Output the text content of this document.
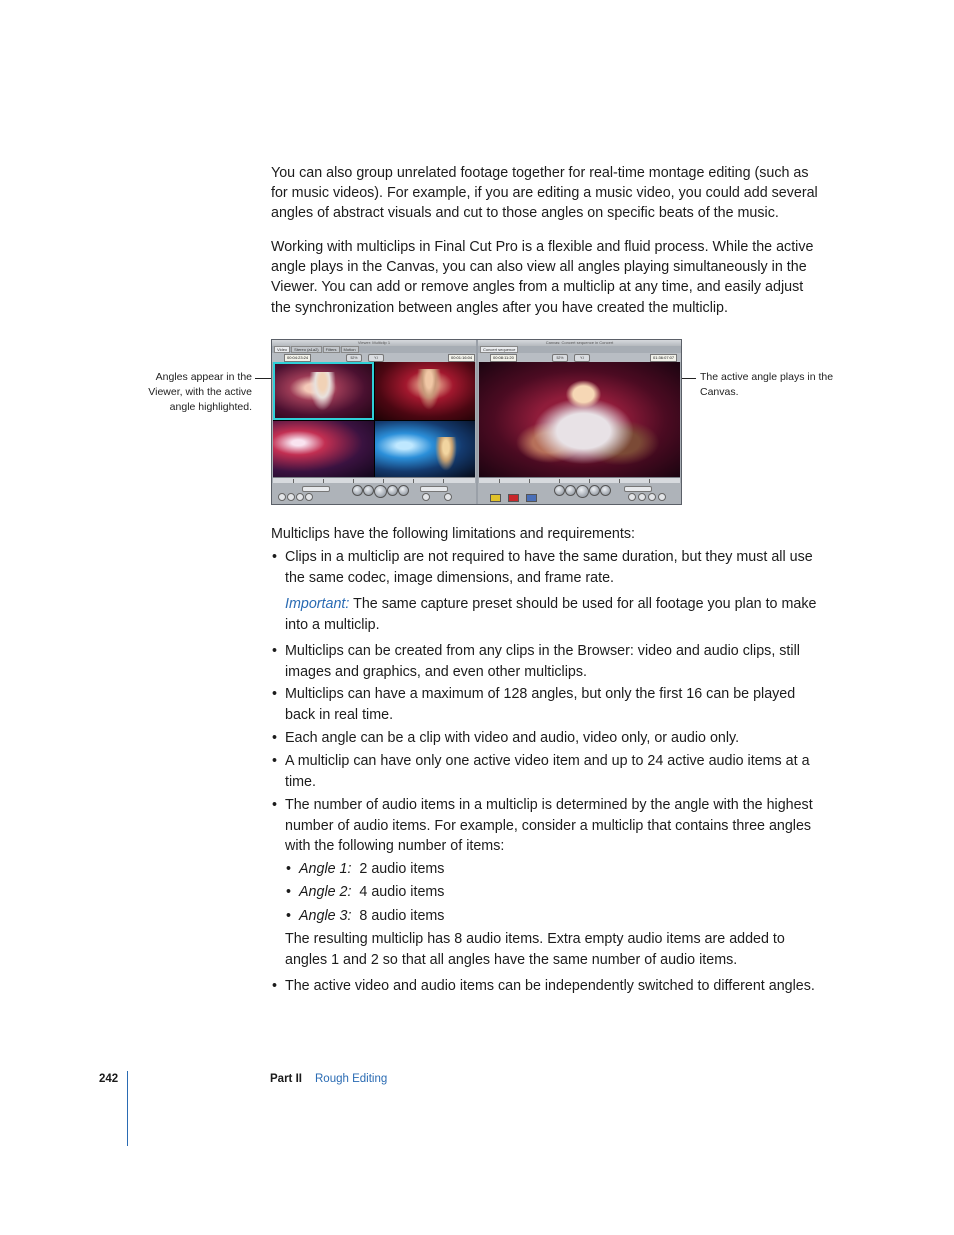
You can also group unrelated footage together for real-time montage editing (such as for music videos). For example, if you are editing a music video, you could add several angles of abstract visuals and cut to those angles on specific beats of the music.

Working with multiclips in Final Cut Pro is a flexible and fluid process. While the active angle plays in the Canvas, you can also view all angles playing simultaneously in the Viewer. You can add or remove angles from a multiclip at any time, and easily adjust the synchronization between angles after you have created the multiclip.

Angles appear in the Viewer, with the active angle highlighted.
The active angle plays in the Canvas.
Viewer: Multiclip 1
Video	Stereo (a1a2)	Filters	Motion
00:04:23:24	52%	Y.I	00:01:16:04
Canvas: Concert sequence in Concert
Concert sequence
00:08:11:20	52%	Y.I	01:36:07:07

Multiclips have the following limitations and requirements:

• Clips in a multiclip are not required to have the same duration, but they must all use the same codec, image dimensions, and frame rate.
Important: The same capture preset should be used for all footage you plan to make into a multiclip.
• Multiclips can be created from any clips in the Browser: video and audio clips, still images and graphics, and even other multiclips.
• Multiclips can have a maximum of 128 angles, but only the first 16 can be played back in real time.
• Each angle can be a clip with video and audio, video only, or audio only.
• A multiclip can have only one active video item and up to 24 active audio items at a time.
• The number of audio items in a multiclip is determined by the angle with the highest number of audio items. For example, consider a multiclip that contains three angles with the following number of items:
• Angle 1: 2 audio items
• Angle 2: 4 audio items
• Angle 3: 8 audio items
The resulting multiclip has 8 audio items. Extra empty audio items are added to angles 1 and 2 so that all angles have the same number of audio items.
• The active video and audio items can be independently switched to different angles.
242	Part II Rough Editing
